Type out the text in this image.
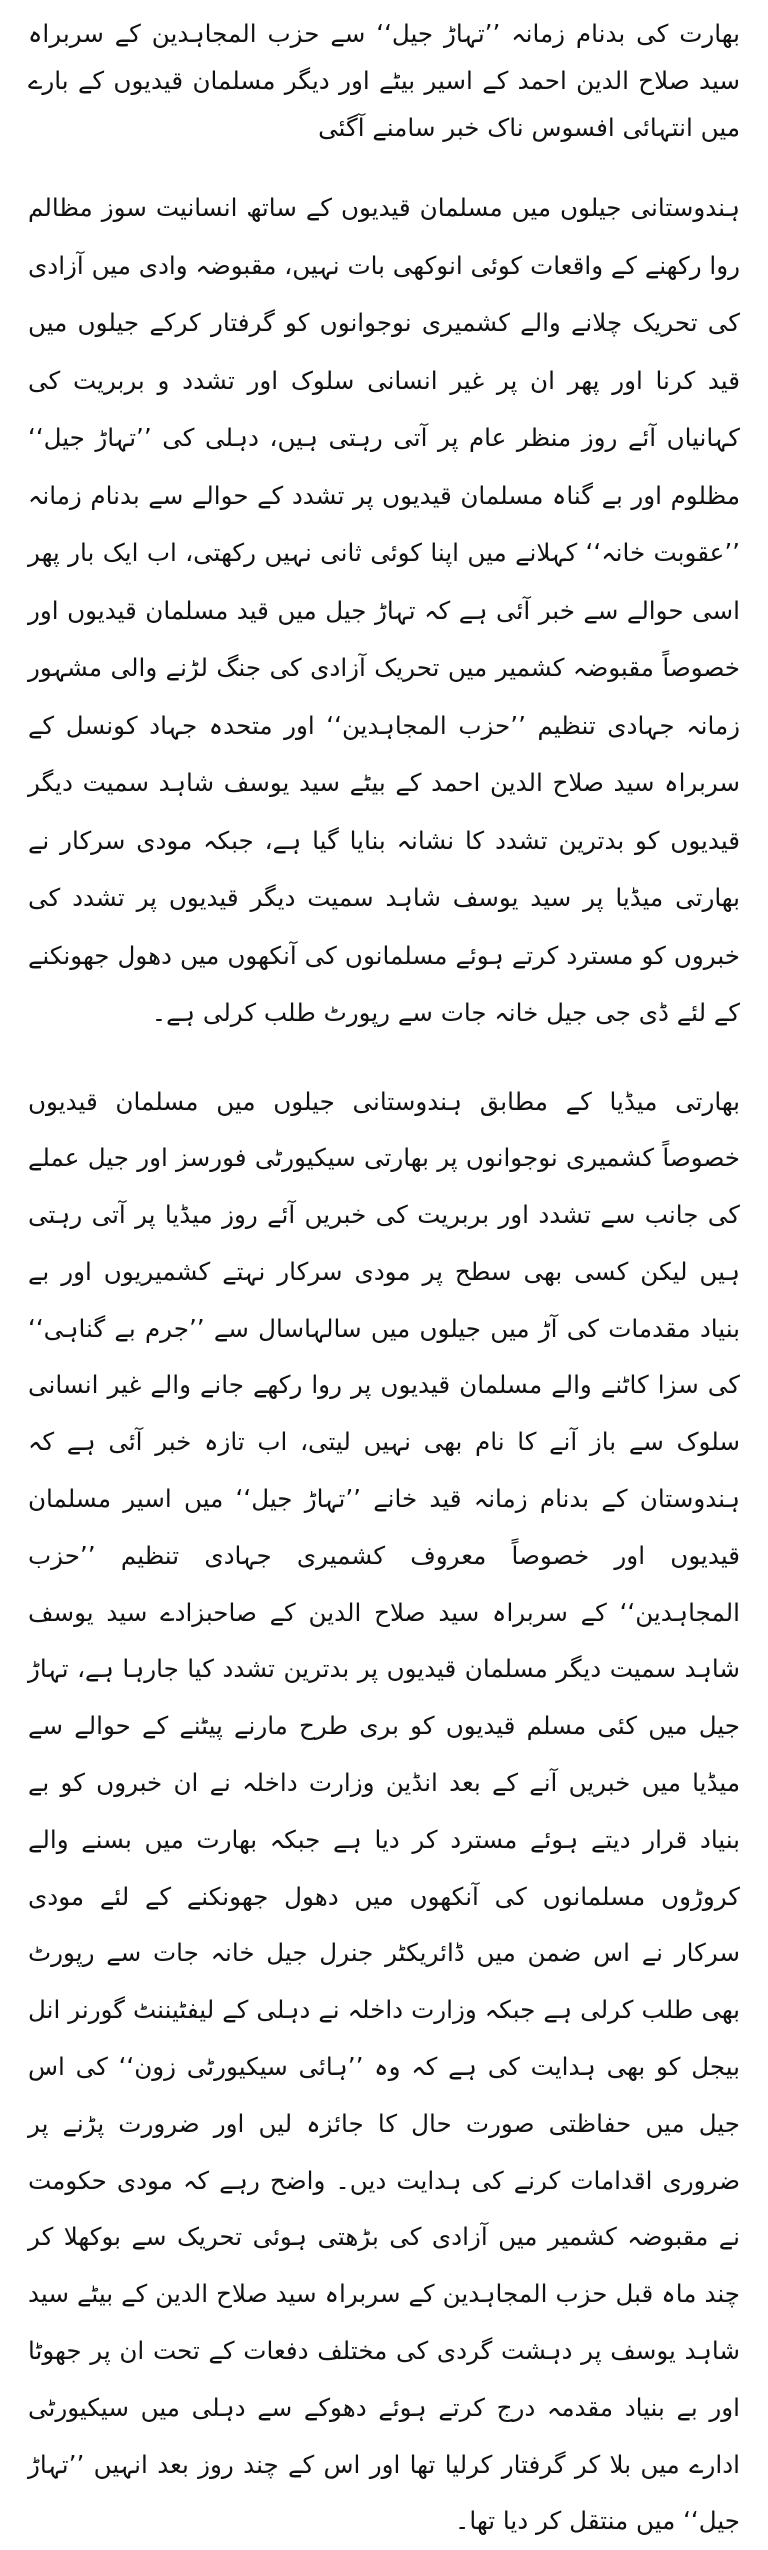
بھارت کی بدنام زمانہ ’’تہاڑ جیل‘‘ سے حزب المجاہدین کے سربراہ سید صلاح الدین احمد کے اسیر بیٹے اور دیگر مسلمان قیدیوں کے بارے میں انتہائی افسوس ناک خبر سامنے آگئی

ہندوستانی جیلوں میں مسلمان قیدیوں کے ساتھ انسانیت سوز مظالم روا رکھنے کے واقعات کوئی انوکھی بات نہیں، مقبوضہ وادی میں آزادی کی تحریک چلانے والے کشمیری نوجوانوں کو گرفتار کرکے جیلوں میں قید کرنا اور پھر ان پر غیر انسانی سلوک اور تشدد و بربریت کی کہانیاں آئے روز منظر عام پر آتی رہتی ہیں، دہلی کی ’’تہاڑ جیل‘‘ مظلوم اور بے گناہ مسلمان قیدیوں پر تشدد کے حوالے سے بدنام زمانہ ’’عقوبت خانہ‘‘ کہلانے میں اپنا کوئی ثانی نہیں رکھتی، اب ایک بار پھر اسی حوالے سے خبر آئی ہے کہ تہاڑ جیل میں قید مسلمان قیدیوں اور خصوصاً مقبوضہ کشمیر میں تحریک آزادی کی جنگ لڑنے والی مشہور زمانہ جہادی تنظیم ’’حزب المجاہدین‘‘ اور متحدہ جہاد کونسل کے سربراہ سید صلاح الدین احمد کے بیٹے سید یوسف شاہد سمیت دیگر قیدیوں کو بدترین تشدد کا نشانہ بنایا گیا ہے، جبکہ مودی سرکار نے بھارتی میڈیا پر سید یوسف شاہد سمیت دیگر قیدیوں پر تشدد کی خبروں کو مسترد کرتے ہوئے مسلمانوں کی آنکھوں میں دھول جھونکنے کے لئے ڈی جی جیل خانہ جات سے رپورٹ طلب کرلی ہے۔

بھارتی میڈیا کے مطابق ہندوستانی جیلوں میں مسلمان قیدیوں خصوصاً کشمیری نوجوانوں پر بھارتی سیکیورٹی فورسز اور جیل عملے کی جانب سے تشدد اور بربریت کی خبریں آئے روز میڈیا پر آتی رہتی ہیں لیکن کسی بھی سطح پر مودی سرکار نہتے کشمیریوں اور بے بنیاد مقدمات کی آڑ میں جیلوں میں سالہاسال سے ’’جرم بے گناہی‘‘ کی سزا کاٹنے والے مسلمان قیدیوں پر روا رکھے جانے والے غیر انسانی سلوک سے باز آنے کا نام بھی نہیں لیتی، اب تازہ خبر آئی ہے کہ ہندوستان کے بدنام زمانہ قید خانے ’’تہاڑ جیل‘‘ میں اسیر مسلمان قیدیوں اور خصوصاً معروف کشمیری جہادی تنظیم ’’حزب المجاہدین‘‘ کے سربراہ سید صلاح الدین کے صاحبزادے سید یوسف شاہد سمیت دیگر مسلمان قیدیوں پر بدترین تشدد کیا جارہا ہے، تہاڑ جیل میں کئی مسلم قیدیوں کو بری طرح مارنے پیٹنے کے حوالے سے میڈیا میں خبریں آنے کے بعد انڈین وزارت داخلہ نے ان خبروں کو بے بنیاد قرار دیتے ہوئے مسترد کر دیا ہے جبکہ بھارت میں بسنے والے کروڑوں مسلمانوں کی آنکھوں میں دھول جھونکنے کے لئے مودی سرکار نے اس ضمن میں ڈائریکٹر جنرل جیل خانہ جات سے رپورٹ بھی طلب کرلی ہے جبکہ وزارت داخلہ نے دہلی کے لیفٹیننٹ گورنر انل بیجل کو بھی ہدایت کی ہے کہ وہ ’’ہائی سیکیورٹی زون‘‘ کی اس جیل میں حفاظتی صورت حال کا جائزہ لیں اور ضرورت پڑنے پر ضروری اقدامات کرنے کی ہدایت دیں۔ واضح رہے کہ مودی حکومت نے مقبوضہ کشمیر میں آزادی کی بڑھتی ہوئی تحریک سے بوکھلا کر چند ماہ قبل حزب المجاہدین کے سربراہ سید صلاح الدین کے بیٹے سید شاہد یوسف پر دہشت گردی کی مختلف دفعات کے تحت ان پر جھوٹا اور بے بنیاد مقدمہ درج کرتے ہوئے دھوکے سے دہلی میں سیکیورٹی ادارے میں بلا کر گرفتار کرلیا تھا اور اس کے چند روز بعد انہیں ’’تہاڑ جیل‘‘ میں منتقل کر دیا تھا۔
